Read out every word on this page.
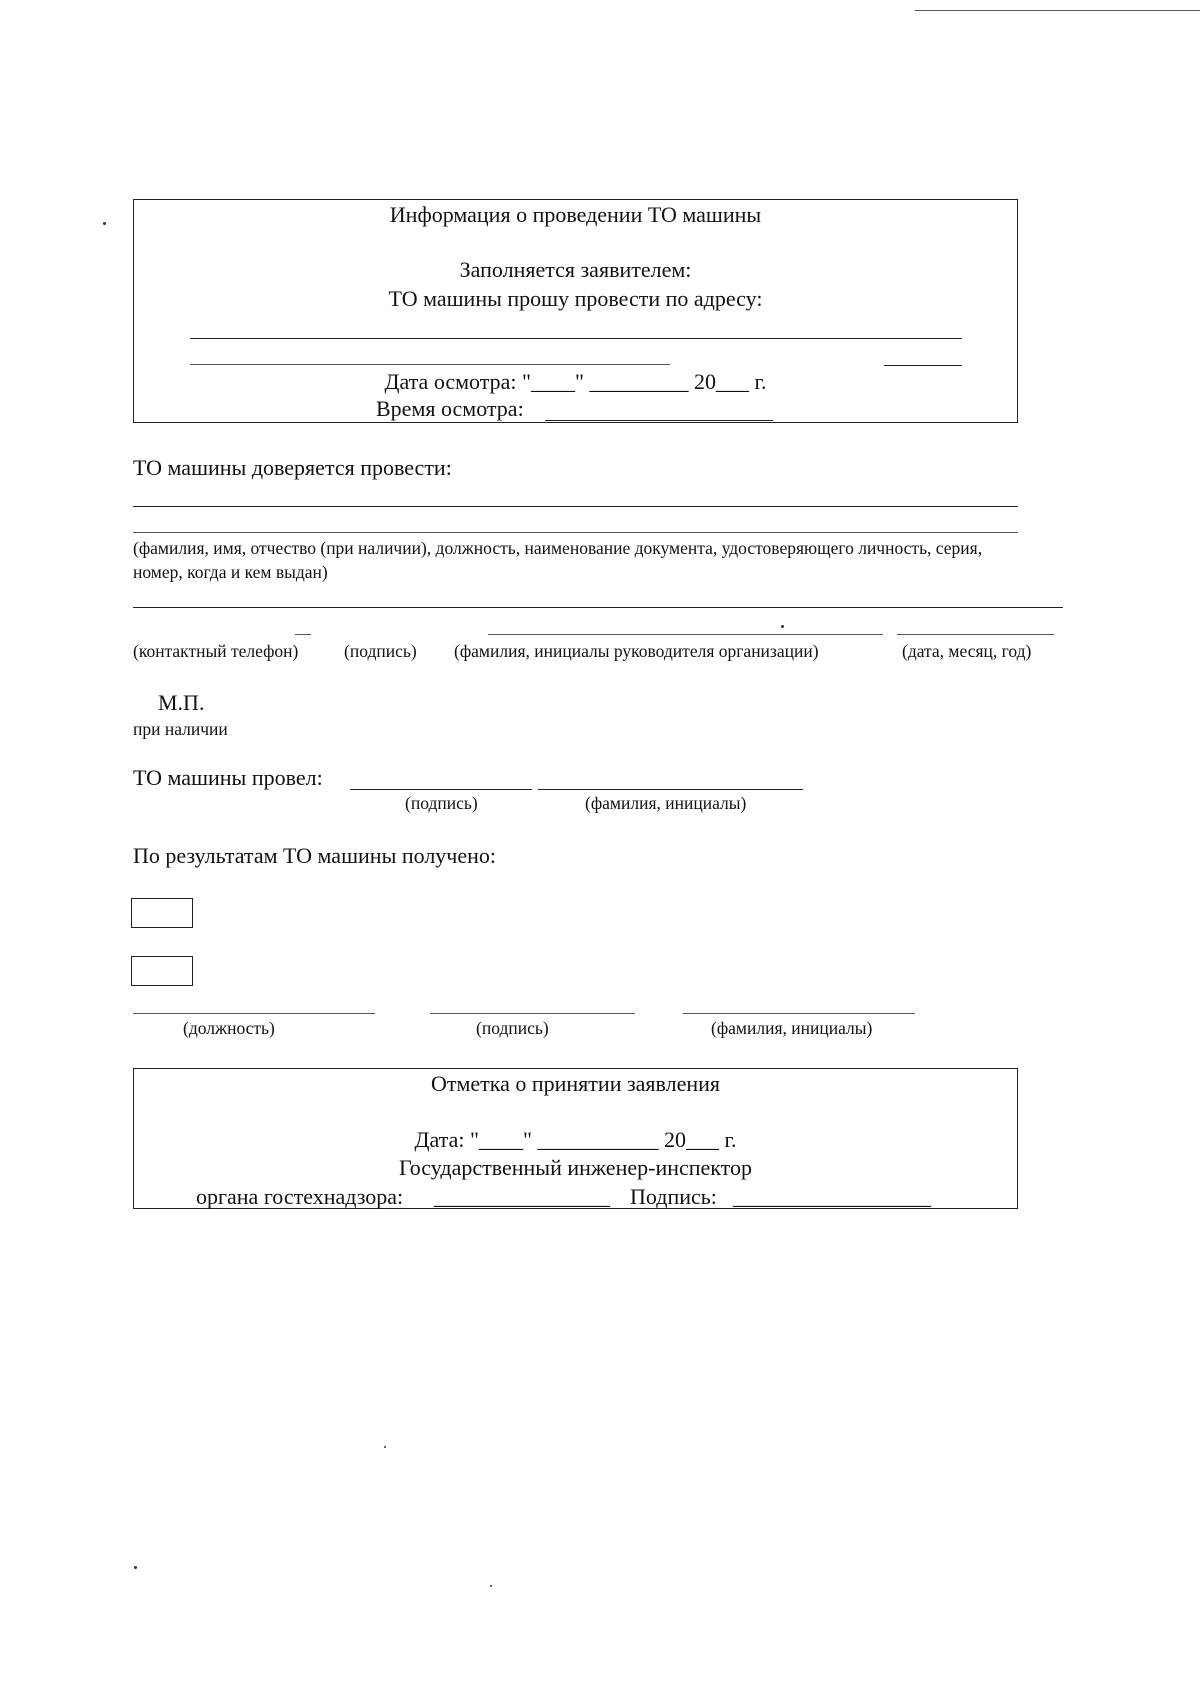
Информация о проведении ТО машины
Заполняется заявителем:
ТО машины прошу провести по адресу:
Дата осмотра: "____" _________ 20___ г.
Время осмотра:
ТО машины доверяется провести:
(фамилия, имя, отчество (при наличии), должность, наименование документа, удостоверяющего личность, серия,
номер, когда и кем выдан)
(контактный телефон)	(подпись) (фамилия, инициалы руководителя организации)	(дата, месяц, год)
М.П.
при наличии
ТО машины провел:
(подпись)	(фамилия, инициалы)
По результатам ТО машины получено:
(должность)	(подпись)	(фамилия, инициалы)
Отметка о принятии заявления
Дата: "____" ___________ 20___ г.
Государственный инженер-инспектор
органа гостехнадзора: ________________ Подпись: __________________
